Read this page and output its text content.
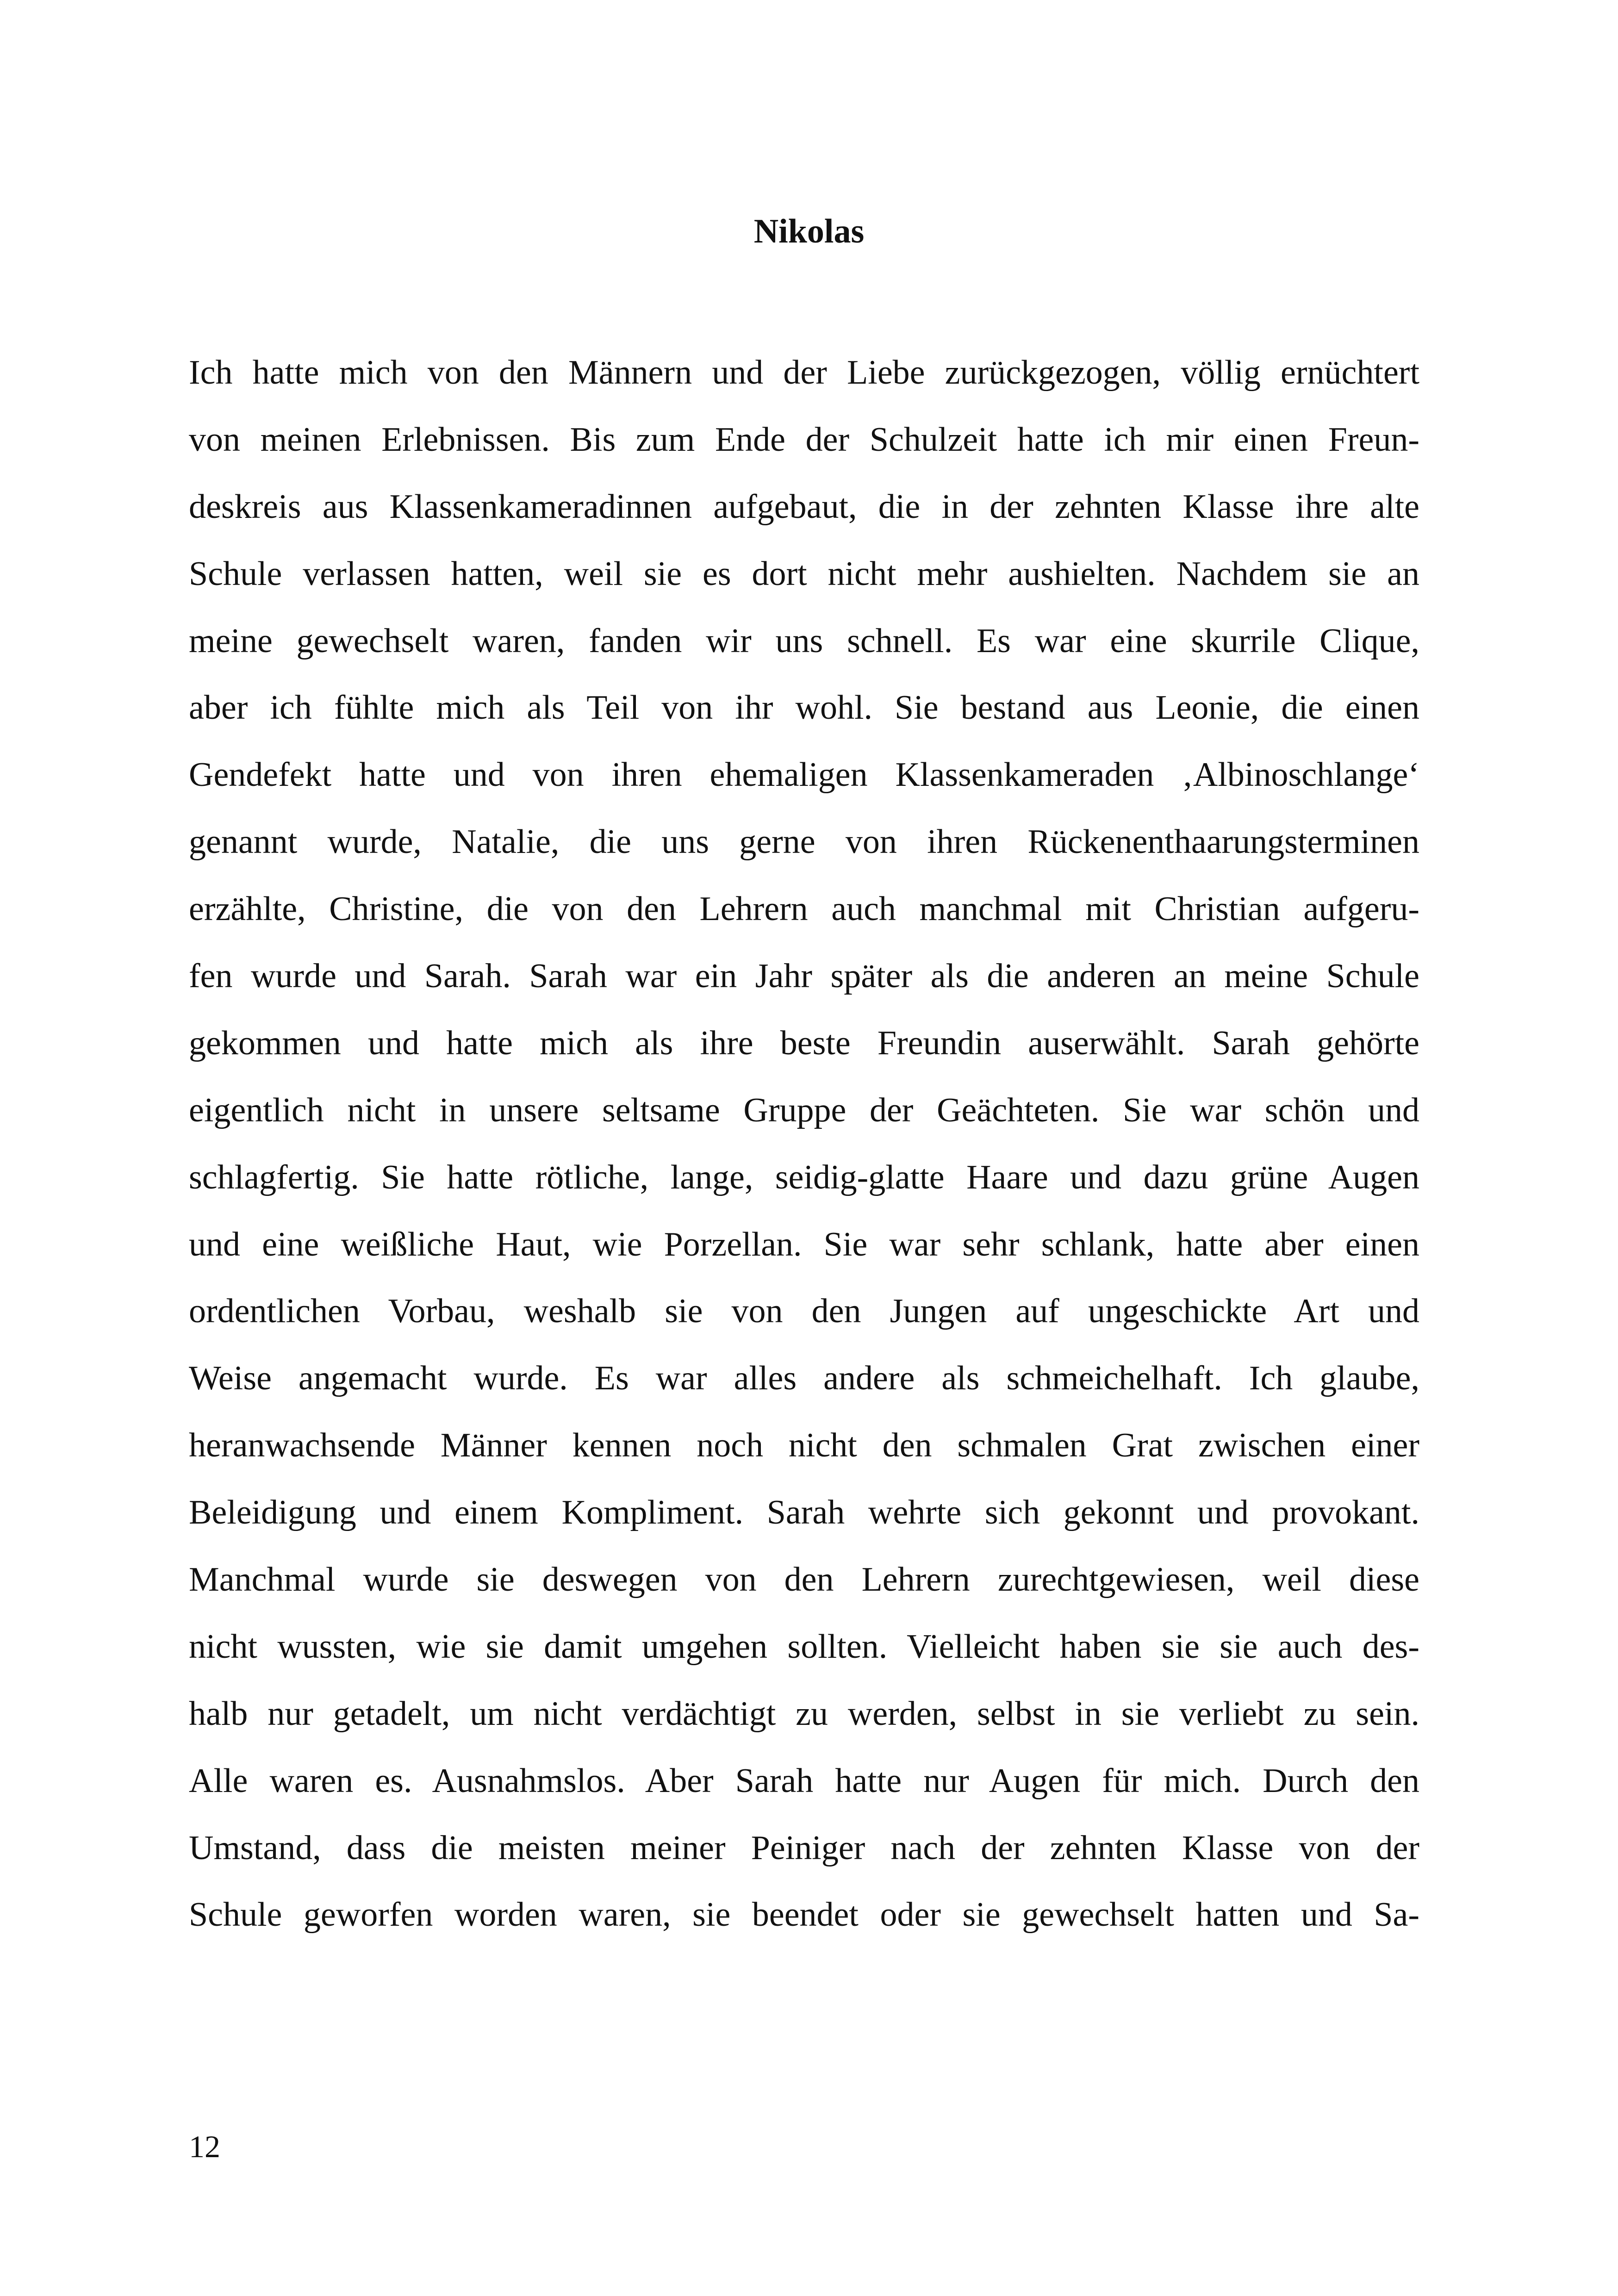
Nikolas
Ich hatte mich von den Männern und der Liebe zurückgezogen, völlig ernüchtert
von meinen Erlebnissen. Bis zum Ende der Schulzeit hatte ich mir einen Freun-
deskreis aus Klassenkameradinnen aufgebaut, die in der zehnten Klasse ihre alte
Schule verlassen hatten, weil sie es dort nicht mehr aushielten. Nachdem sie an
meine gewechselt waren, fanden wir uns schnell. Es war eine skurrile Clique,
aber ich fühlte mich als Teil von ihr wohl. Sie bestand aus Leonie, die einen
Gendefekt hatte und von ihren ehemaligen Klassenkameraden ‚Albinoschlange‘
genannt wurde, Natalie, die uns gerne von ihren Rückenenthaarungsterminen
erzählte, Christine, die von den Lehrern auch manchmal mit Christian aufgeru-
fen wurde und Sarah. Sarah war ein Jahr später als die anderen an meine Schule
gekommen und hatte mich als ihre beste Freundin auserwählt. Sarah gehörte
eigentlich nicht in unsere seltsame Gruppe der Geächteten. Sie war schön und
schlagfertig. Sie hatte rötliche, lange, seidig-glatte Haare und dazu grüne Augen
und eine weißliche Haut, wie Porzellan. Sie war sehr schlank, hatte aber einen
ordentlichen Vorbau, weshalb sie von den Jungen auf ungeschickte Art und
Weise angemacht wurde. Es war alles andere als schmeichelhaft. Ich glaube,
heranwachsende Männer kennen noch nicht den schmalen Grat zwischen einer
Beleidigung und einem Kompliment. Sarah wehrte sich gekonnt und provokant.
Manchmal wurde sie deswegen von den Lehrern zurechtgewiesen, weil diese
nicht wussten, wie sie damit umgehen sollten. Vielleicht haben sie sie auch des-
halb nur getadelt, um nicht verdächtigt zu werden, selbst in sie verliebt zu sein.
Alle waren es. Ausnahmslos. Aber Sarah hatte nur Augen für mich. Durch den
Umstand, dass die meisten meiner Peiniger nach der zehnten Klasse von der
Schule geworfen worden waren, sie beendet oder sie gewechselt hatten und Sa-

12
